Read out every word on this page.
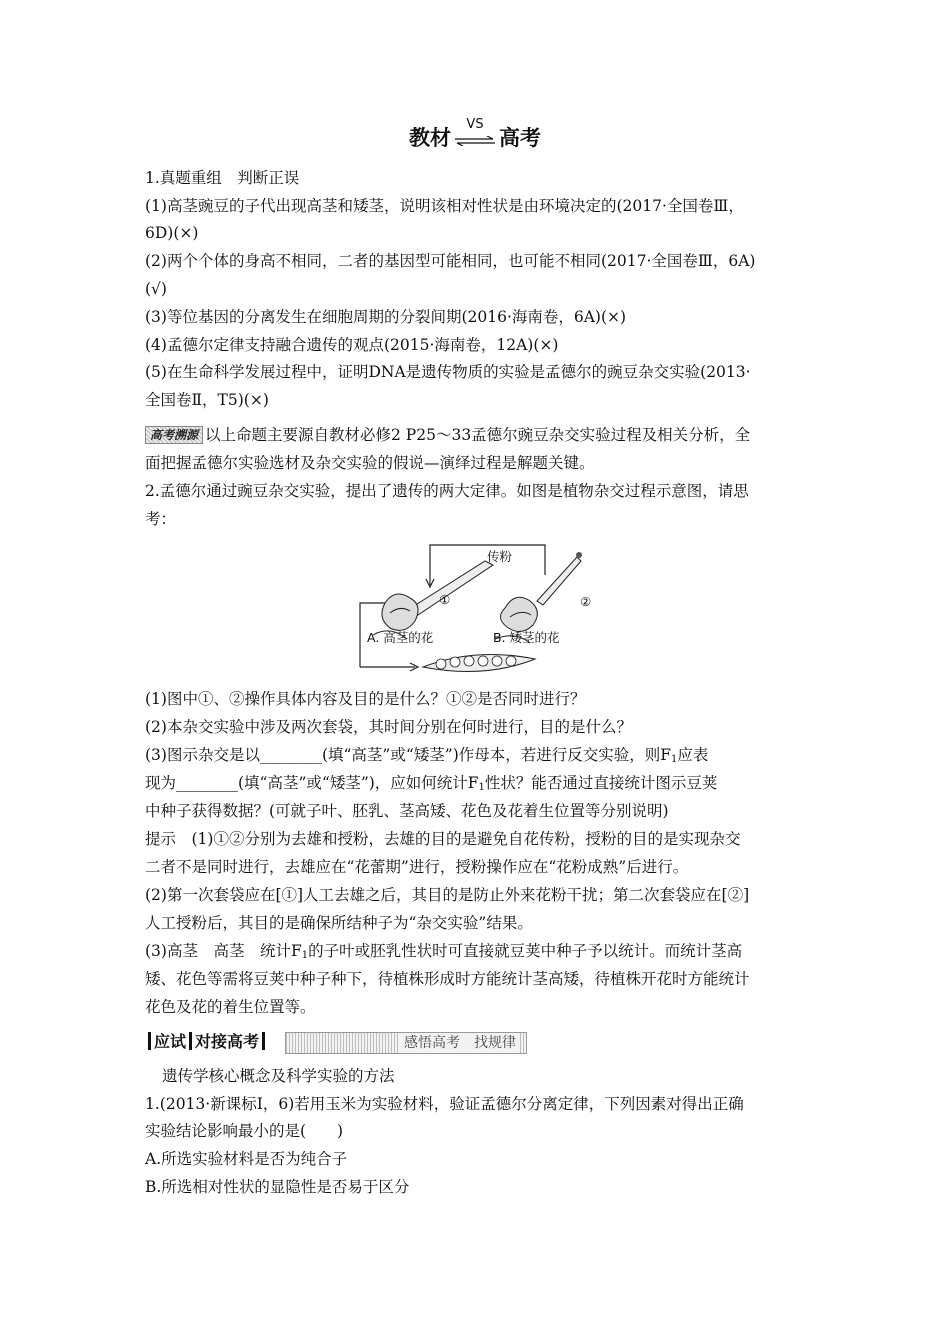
教材
VS
高考
1.真题重组　判断正误
(1)高茎豌豆的子代出现高茎和矮茎，说明该相对性状是由环境决定的(2017·全国卷Ⅲ，
6D)(×)
(2)两个个体的身高不相同，二者的基因型可能相同，也可能不相同(2017·全国卷Ⅲ，6A)
(√)
(3)等位基因的分离发生在细胞周期的分裂间期(2016·海南卷，6A)(×)
(4)孟德尔定律支持融合遗传的观点(2015·海南卷，12A)(×)
(5)在生命科学发展过程中，证明DNA是遗传物质的实验是孟德尔的豌豆杂交实验(2013·
全国卷Ⅱ，T5)(×)
高考溯源 以上命题主要源自教材必修2 P25～33孟德尔豌豆杂交实验过程及相关分析，全
面把握孟德尔实验选材及杂交实验的假说—演绎过程是解题关键。
2.孟德尔通过豌豆杂交实验，提出了遗传的两大定律。如图是植物杂交过程示意图，请思
考：
传粉
①	②
A. 高茎的花	B. 矮茎的花
(1)图中①、②操作具体内容及目的是什么？①②是否同时进行？
(2)本杂交实验中涉及两次套袋，其时间分别在何时进行，目的是什么？
(3)图示杂交是以________(填“高茎”或“矮茎”)作母本，若进行反交实验，则$F_1$应表
现为________(填“高茎”或“矮茎”)，应如何统计$F_1$性状？能否通过直接统计图示豆荚
中种子获得数据？(可就子叶、胚乳、茎高矮、花色及花着生位置等分别说明)
提示　(1)①②分别为去雄和授粉，去雄的目的是避免自花传粉，授粉的目的是实现杂交
二者不是同时进行，去雄应在“花蕾期”进行，授粉操作应在“花粉成熟”后进行。
(2)第一次套袋应在[①]人工去雄之后，其目的是防止外来花粉干扰；第二次套袋应在[②]
人工授粉后，其目的是确保所结种子为“杂交实验”结果。
(3)高茎　高茎　统计$F_1$的子叶或胚乳性状时可直接就豆荚中种子予以统计。而统计茎高
矮、花色等需将豆荚中种子种下，待植株形成时方能统计茎高矮，待植株开花时方能统计
花色及花的着生位置等。
应试 对接高考	感悟高考　找规律
遗传学核心概念及科学实验的方法
1.(2013·新课标Ⅰ，6)若用玉米为实验材料，验证孟德尔分离定律，下列因素对得出正确
实验结论影响最小的是(　　)
A.所选实验材料是否为纯合子
B.所选相对性状的显隐性是否易于区分
